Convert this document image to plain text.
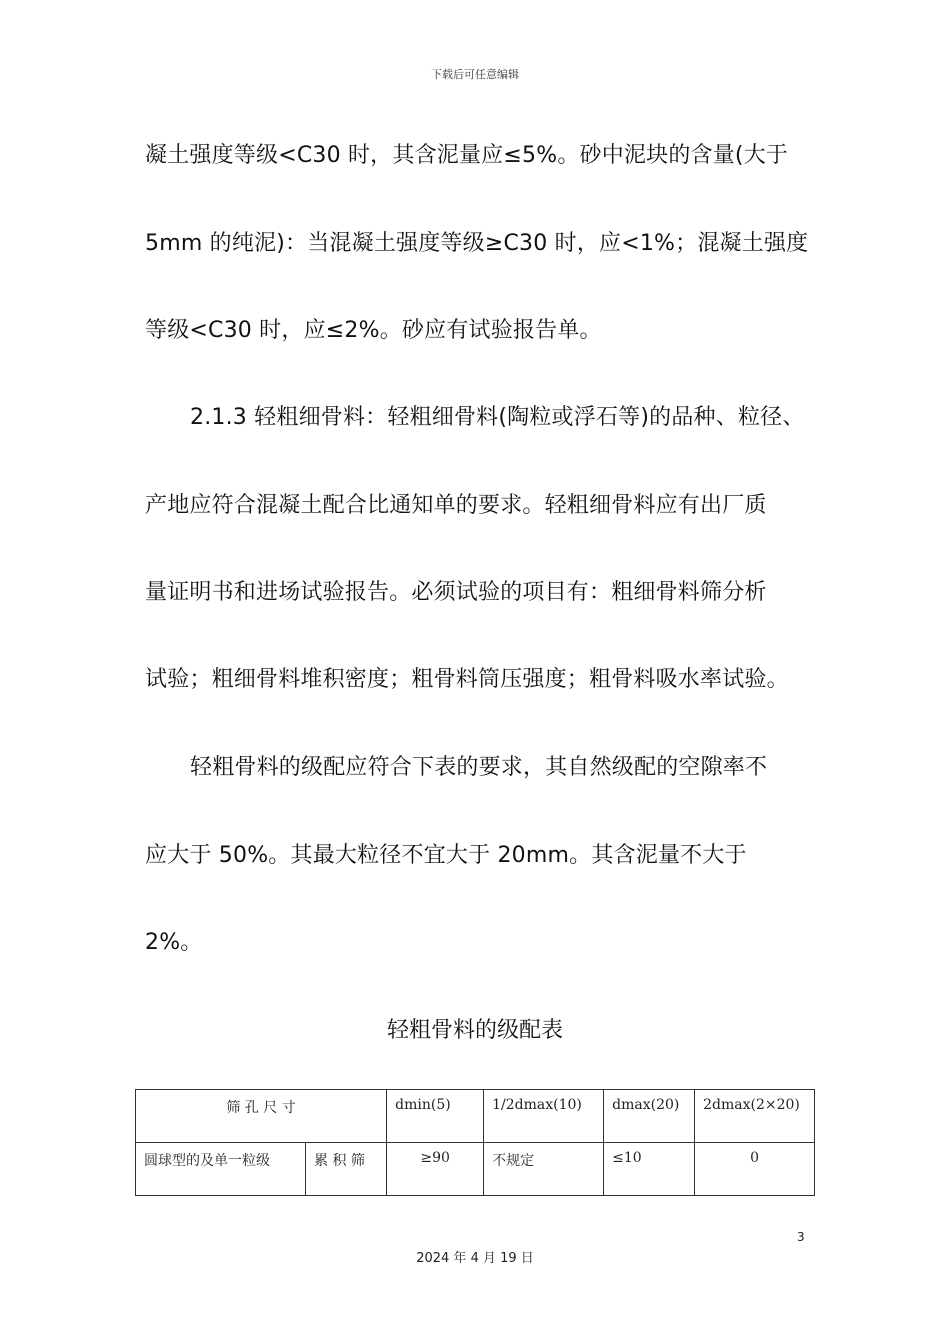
下载后可任意编辑
凝土强度等级<C30 时，其含泥量应≤5%。砂中泥块的含量(大于
5mm 的纯泥)：当混凝土强度等级≥C30 时，应<1%；混凝土强度
等级<C30 时，应≤2%。砂应有试验报告单。
2.1.3 轻粗细骨料：轻粗细骨料(陶粒或浮石等)的品种、粒径、
产地应符合混凝土配合比通知单的要求。轻粗细骨料应有出厂质
量证明书和进场试验报告。必须试验的项目有：粗细骨料筛分析
试验；粗细骨料堆积密度；粗骨料筒压强度；粗骨料吸水率试验。
轻粗骨料的级配应符合下表的要求，其自然级配的空隙率不
应大于 50%。其最大粒径不宜大于 20mm。其含泥量不大于
2%。
轻粗骨料的级配表
筛 孔 尺 寸		dmin(5)	1/2dmax(10)	dmax(20)	2dmax(2×20)
圆球型的及单一粒级	累 积 筛	≥90	不规定	≤10	0
3
2024 年 4 月 19 日
